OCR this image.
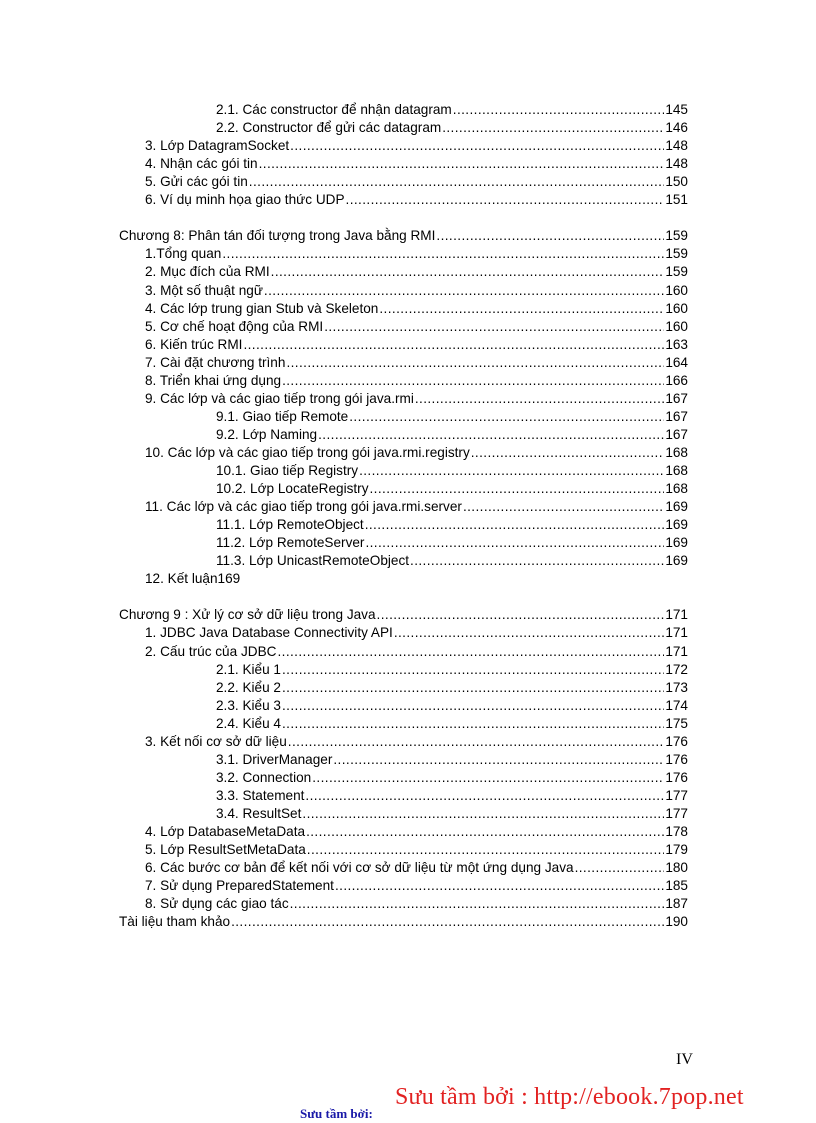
2.1. Các constructor để nhận datagram .....	145
2.2. Constructor để gửi các datagram .....	146
3. Lớp DatagramSocket .....	148
4. Nhận các gói tin .....	148
5. Gửi các gói tin .....	150
6. Ví dụ minh họa giao thức UDP .....	151
Chương 8: Phân tán đối tượng trong Java bằng RMI .....	159
1.Tổng quan .....	159
2. Mục đích của RMI .....	159
3. Một số thuật ngữ .....	160
4. Các lớp trung gian Stub và Skeleton .....	160
5. Cơ chế hoạt động của RMI .....	160
6. Kiến trúc RMI .....	163
7. Cài đặt chương trình .....	164
8. Triển khai ứng dụng .....	166
9. Các lớp và các giao tiếp trong gói java.rmi .....	167
9.1. Giao tiếp Remote .....	167
9.2. Lớp Naming .....	167
10. Các lớp và các giao tiếp trong gói java.rmi.registry .....	168
10.1. Giao tiếp Registry .....	168
10.2. Lớp LocateRegistry .....	168
11. Các lớp và các giao tiếp trong gói java.rmi.server .....	169
11.1. Lớp RemoteObject .....	169
11.2. Lớp RemoteServer .....	169
11.3. Lớp UnicastRemoteObject .....	169
12. Kết luận169
Chương 9 : Xử lý cơ sở dữ liệu trong Java .....	171
1. JDBC Java Database Connectivity API .....	171
2. Cấu trúc của JDBC .....	171
2.1. Kiểu 1 .....	172
2.2. Kiểu 2 .....	173
2.3. Kiểu 3 .....	174
2.4. Kiểu 4 .....	175
3. Kết nối cơ sở dữ liệu .....	176
3.1. DriverManager .....	176
3.2. Connection .....	176
3.3. Statement .....	177
3.4. ResultSet .....	177
4. Lớp DatabaseMetaData .....	178
5. Lớp ResultSetMetaData .....	179
6. Các bước cơ bản để kết nối với cơ sở dữ liệu từ một ứng dụng Java .....	180
7. Sử dụng PreparedStatement .....	185
8. Sử dụng các giao tác .....	187
Tài liệu tham khảo .....	190
IV
Sưu tầm bởi:
Sưu tầm bởi : http://ebook.7pop.net
